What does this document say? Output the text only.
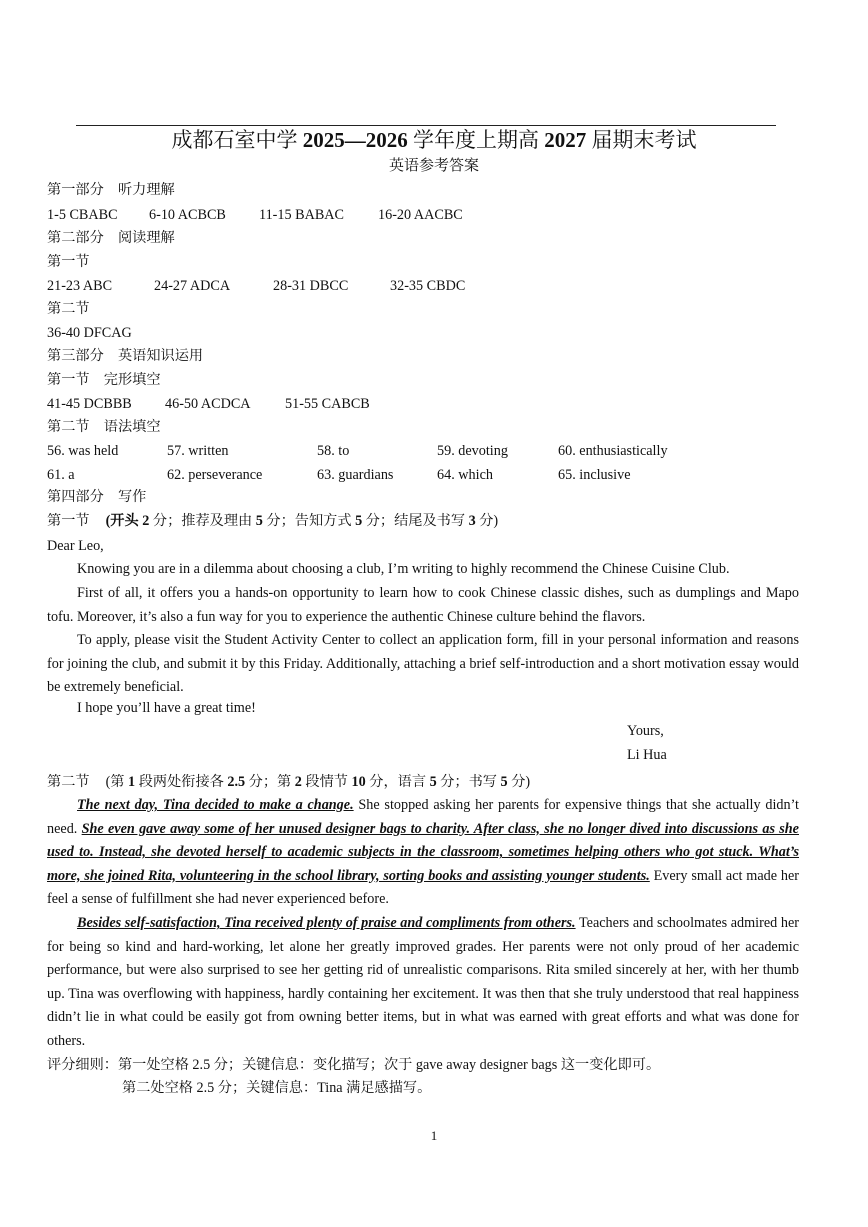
成都石室中学 2025—2026 学年度上期高 2027 届期末考试
英语参考答案
第一部分　听力理解
1-5 CBABC 6-10 ACBCB 11-15 BABAC 16-20 AACBC
第二部分　阅读理解
第一节
21-23 ABC	24-27 ADCA	28-31 DBCC	32-35 CBDC
第二节
36-40 DFCAG
第三部分　英语知识运用
第一节　完形填空
41-45 DCBBB 46-50 ACDCA 51-55 CABCB
第二节　语法填空
56. was held	57. written	58. to	59. devoting	60. enthusiastically
61. a	62. perseverance	63. guardians	64. which	65. inclusive
第四部分　写作
第一节 (开头 2 分；推荐及理由 5 分；告知方式 5 分；结尾及书写 3 分)
Dear Leo,

Knowing you are in a dilemma about choosing a club, I’m writing to highly recommend the Chinese Cuisine Club.

First of all, it offers you a hands-on opportunity to learn how to cook Chinese classic dishes, such as dumplings and Mapo tofu. Moreover, it’s also a fun way for you to experience the authentic Chinese culture behind the flavors.

To apply, please visit the Student Activity Center to collect an application form, fill in your personal information and reasons for joining the club, and submit it by this Friday. Additionally, attaching a brief self-introduction and a short motivation essay would be extremely beneficial.

I hope you’ll have a great time!
Yours,
Li Hua
第二节 (第 1 段两处衔接各 2.5 分；第 2 段情节 10 分，语言 5 分；书写 5 分)

The next day, Tina decided to make a change. She stopped asking her parents for expensive things that she actually didn’t need. She even gave away some of her unused designer bags to charity. After class, she no longer dived into discussions as she used to. Instead, she devoted herself to academic subjects in the classroom, sometimes helping others who got stuck. What’s more, she joined Rita, volunteering in the school library, sorting books and assisting younger students. Every small act made her feel a sense of fulfillment she had never experienced before.

Besides self-satisfaction, Tina received plenty of praise and compliments from others. Teachers and schoolmates admired her for being so kind and hard-working, let alone her greatly improved grades. Her parents were not only proud of her academic performance, but were also surprised to see her getting rid of unrealistic comparisons. Rita smiled sincerely at her, with her thumb up. Tina was overflowing with happiness, hardly containing her excitement. It was then that she truly understood that real happiness didn’t lie in what could be easily got from owning better items, but in what was earned with great efforts and what was done for others.

评分细则：第一处空格 2.5 分；关键信息：变化描写；次于 gave away designer bags 这一变化即可。
第二处空格 2.5 分；关键信息：Tina 满足感描写。
1
